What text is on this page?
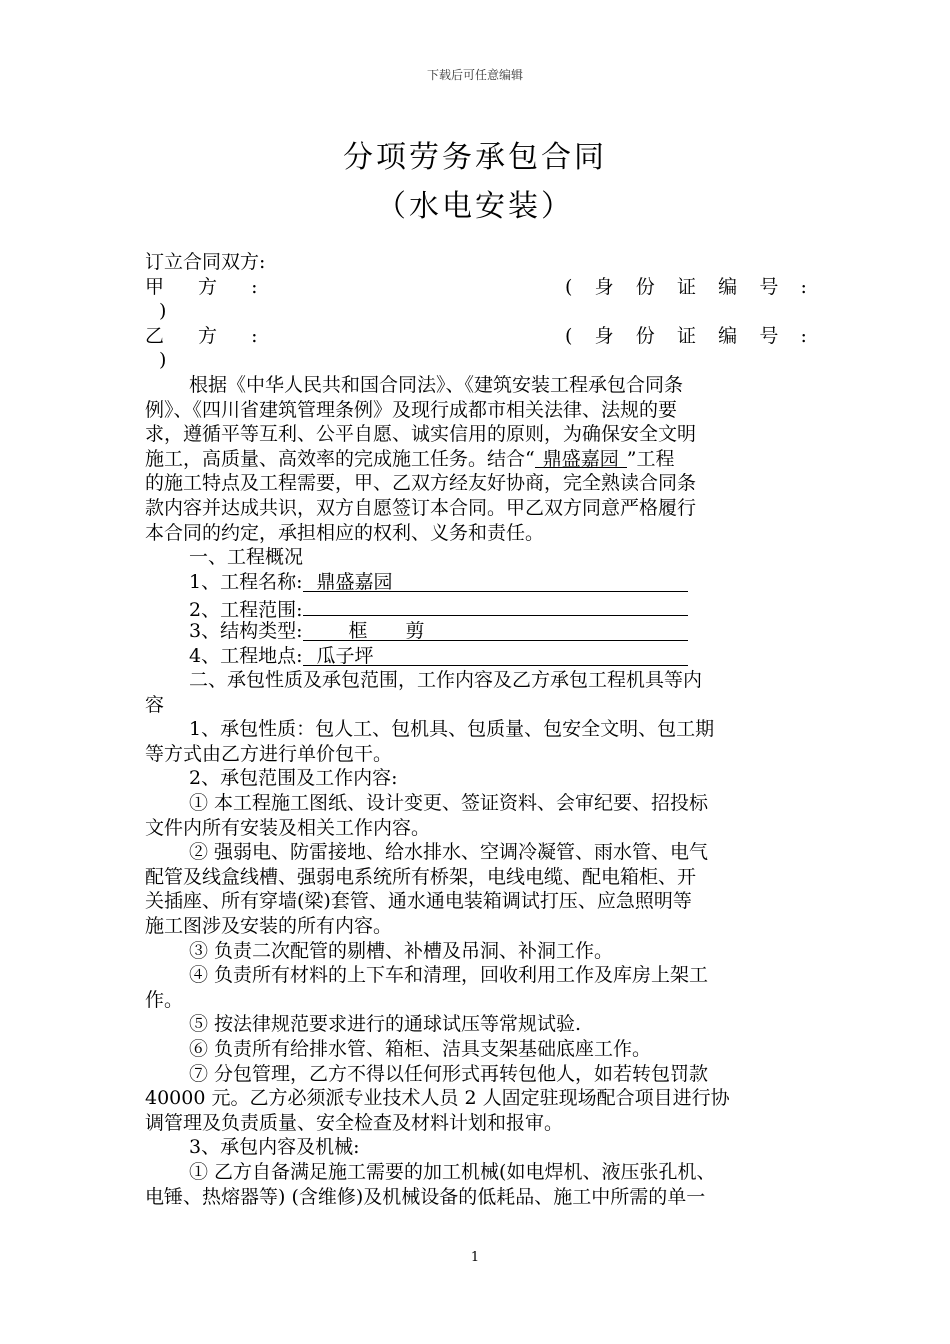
下载后可任意编辑
分项劳务承包合同
（水电安装）
订立合同双方:
甲 方 :	( 身 份 证 编 号 :
)
乙 方 :	( 身 份 证 编 号 :
)
根据《中华人民共和国合同法》、《建筑安装工程承包合同条
例》、《四川省建筑管理条例》及现行成都市相关法律、法规的要
求，遵循平等互利、公平自愿、诚实信用的原则，为确保安全文明
施工，高质量、高效率的完成施工任务。结合“ 鼎盛嘉园 ”工程
的施工特点及工程需要，甲、乙双方经友好协商，完全熟读合同条
款内容并达成共识，双方自愿签订本合同。甲乙双方同意严格履行
本合同的约定，承担相应的权利、义务和责任。
一、工程概况
1、工程名称: 鼎盛嘉园
2、工程范围:
3、结构类型: 框　　剪
4、工程地点: 瓜子坪
二、承包性质及承包范围，工作内容及乙方承包工程机具等内
容
1、承包性质：包人工、包机具、包质量、包安全文明、包工期
等方式由乙方进行单价包干。
2、承包范围及工作内容:
① 本工程施工图纸、设计变更、签证资料、会审纪要、招投标
文件内所有安装及相关工作内容。
② 强弱电、防雷接地、给水排水、空调冷凝管、雨水管、电气
配管及线盒线槽、强弱电系统所有桥架，电线电缆、配电箱柜、开
关插座、所有穿墙(梁)套管、通水通电装箱调试打压、应急照明等
施工图涉及安装的所有内容。
③ 负责二次配管的剔槽、补槽及吊洞、补洞工作。
④ 负责所有材料的上下车和清理，回收利用工作及库房上架工
作。
⑤ 按法律规范要求进行的通球试压等常规试验.
⑥ 负责所有给排水管、箱柜、洁具支架基础底座工作。
⑦ 分包管理，乙方不得以任何形式再转包他人，如若转包罚款
40000 元。乙方必须派专业技术人员 2 人固定驻现场配合项目进行协
调管理及负责质量、安全检查及材料计划和报审。
3、承包内容及机械:
① 乙方自备满足施工需要的加工机械(如电焊机、液压张孔机、
电锤、热熔器等) (含维修)及机械设备的低耗品、施工中所需的单一
1
